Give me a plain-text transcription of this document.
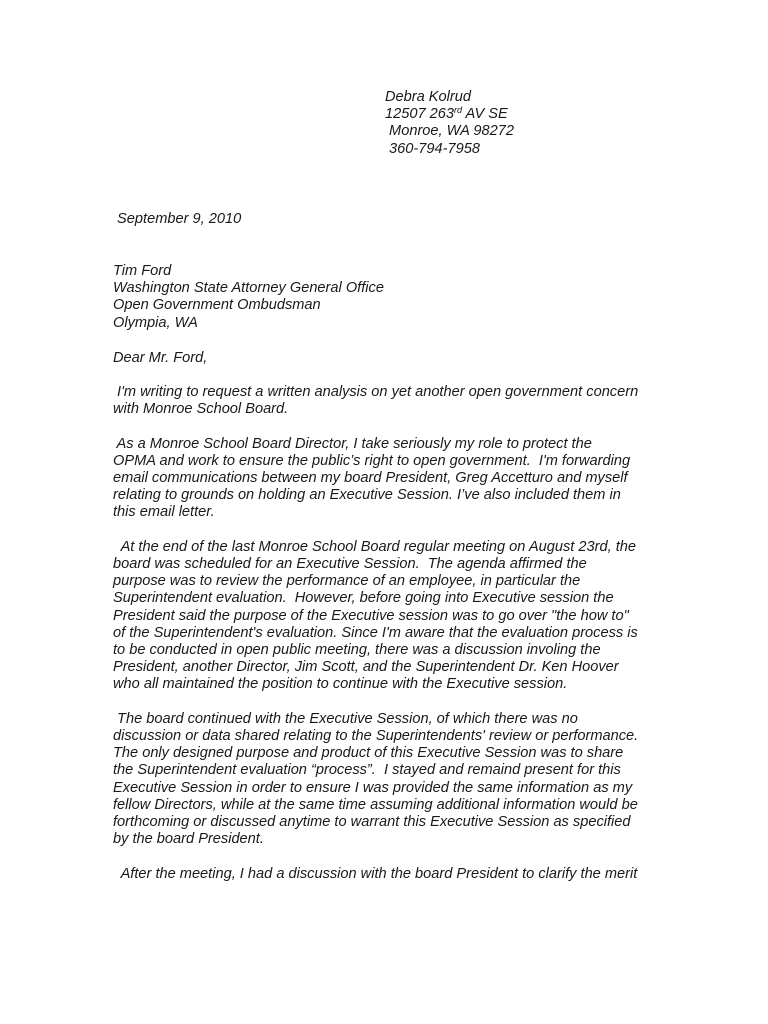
Debra Kolrud
12507 263rd AV SE
Monroe, WA 98272
360-794-7958
September 9, 2010
Tim Ford
Washington State Attorney General Office
Open Government Ombudsman
Olympia, WA
Dear Mr. Ford,
I'm writing to request a written analysis on yet another open government concern
with Monroe School Board.
As a Monroe School Board Director, I take seriously my role to protect the
OPMA and work to ensure the public’s right to open government.  I'm forwarding
email communications between my board President, Greg Accetturo and myself
relating to grounds on holding an Executive Session. I’ve also included them in
this email letter.
At the end of the last Monroe School Board regular meeting on August 23rd, the
board was scheduled for an Executive Session.  The agenda affirmed the
purpose was to review the performance of an employee, in particular the
Superintendent evaluation.  However, before going into Executive session the
President said the purpose of the Executive session was to go over "the how to"
of the Superintendent's evaluation. Since I'm aware that the evaluation process is
to be conducted in open public meeting, there was a discussion involing the
President, another Director, Jim Scott, and the Superintendent Dr. Ken Hoover
who all maintained the position to continue with the Executive session.
The board continued with the Executive Session, of which there was no
discussion or data shared relating to the Superintendents' review or performance.
The only designed purpose and product of this Executive Session was to share
the Superintendent evaluation “process”.  I stayed and remaind present for this
Executive Session in order to ensure I was provided the same information as my
fellow Directors, while at the same time assuming additional information would be
forthcoming or discussed anytime to warrant this Executive Session as specified
by the board President.
After the meeting, I had a discussion with the board President to clarify the merit
